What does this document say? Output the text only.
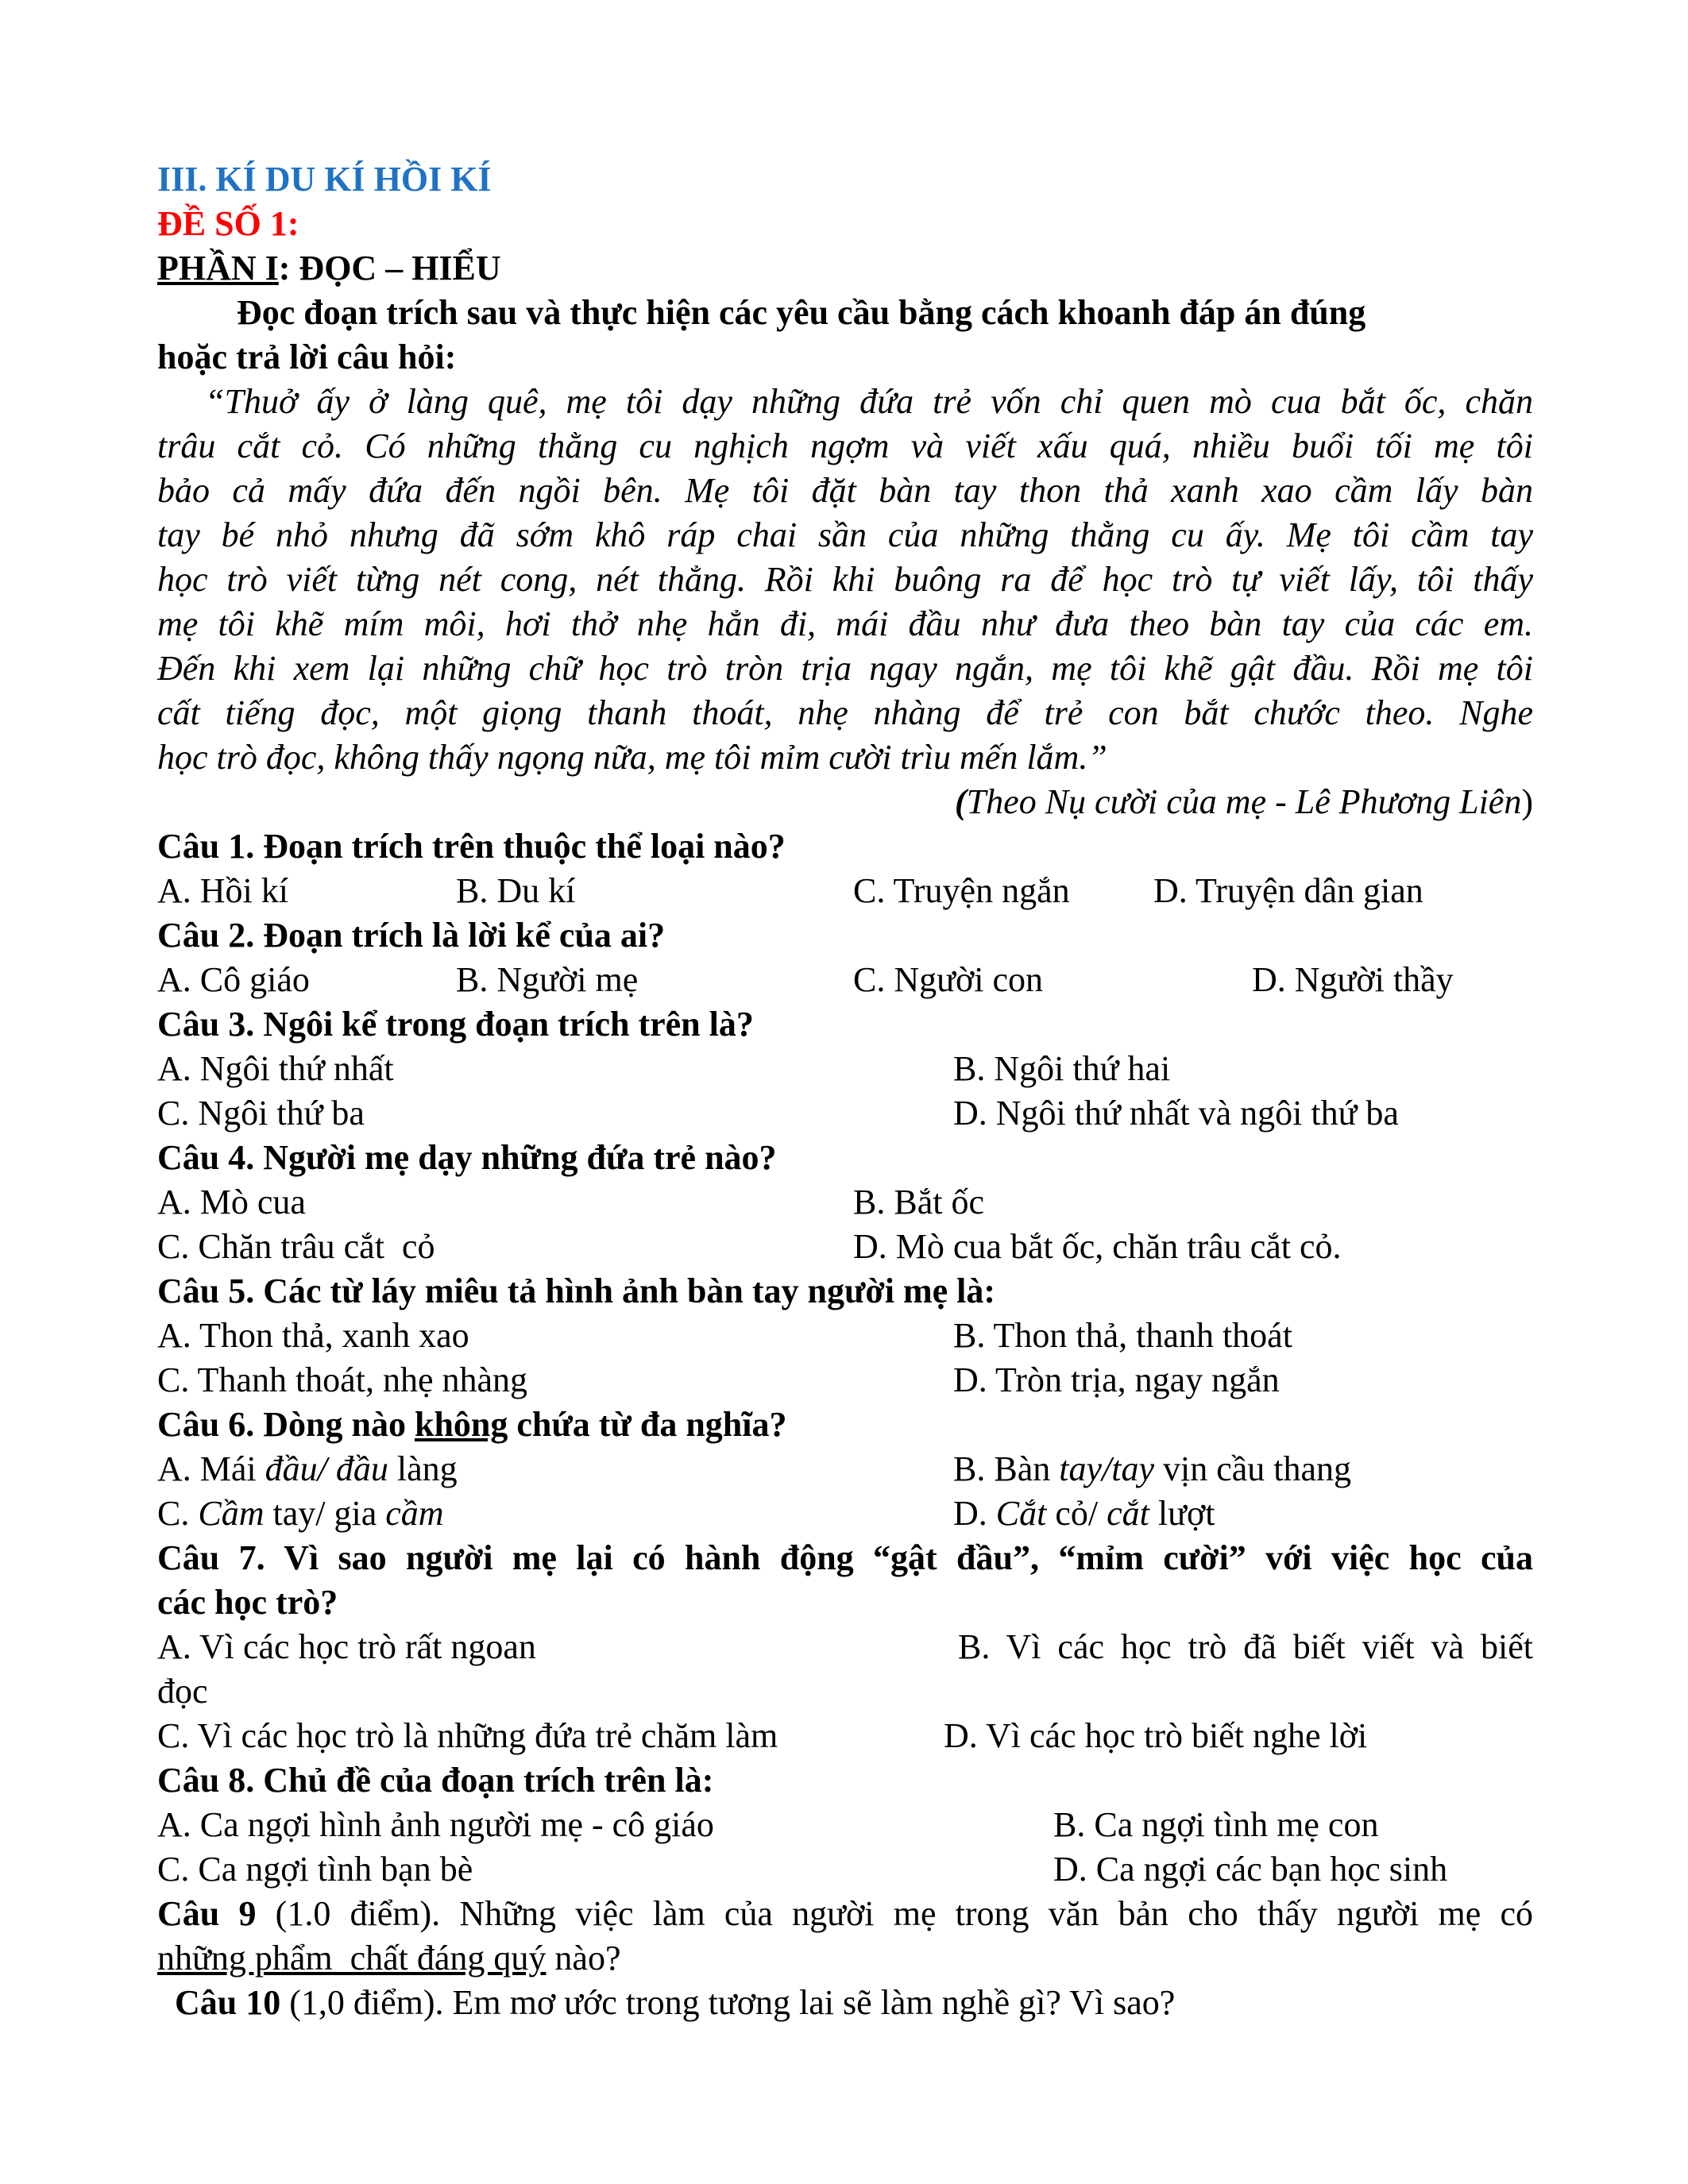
III. KÍ DU KÍ HỒI KÍ
ĐỀ SỐ 1:
PHẦN I: ĐỌC – HIỂU
Đọc đoạn trích sau và thực hiện các yêu cầu bằng cách khoanh đáp án đúng
hoặc trả lời câu hỏi:
“Thuở ấy ở làng quê, mẹ tôi dạy những đứa trẻ vốn chỉ quen mò cua bắt ốc, chăn
trâu cắt cỏ. Có những thằng cu nghịch ngợm và viết xấu quá, nhiều buổi tối mẹ tôi
bảo cả mấy đứa đến ngồi bên. Mẹ tôi đặt bàn tay thon thả xanh xao cầm lấy bàn
tay bé nhỏ nhưng đã sớm khô ráp chai sần của những thằng cu ấy. Mẹ tôi cầm tay
học trò viết từng nét cong, nét thẳng. Rồi khi buông ra để học trò tự viết lấy, tôi thấy
mẹ tôi khẽ mím môi, hơi thở nhẹ hẳn đi, mái đầu như đưa theo bàn tay của các em.
Đến khi xem lại những chữ học trò tròn trịa ngay ngắn, mẹ tôi khẽ gật đầu. Rồi mẹ tôi
cất tiếng đọc, một giọng thanh thoát, nhẹ nhàng để trẻ con bắt chước theo. Nghe
học trò đọc, không thấy ngọng nữa, mẹ tôi mỉm cười trìu mến lắm.”
(Theo Nụ cười của mẹ - Lê Phương Liên)
Câu 1. Đoạn trích trên thuộc thể loại nào?
A. Hồi kí	B. Du kí	C. Truyện ngắn D. Truyện dân gian
Câu 2. Đoạn trích là lời kể của ai?
A. Cô giáo	B. Người mẹ	C. Người con	D. Người thầy
Câu 3. Ngôi kể trong đoạn trích trên là?
A. Ngôi thứ nhất	B. Ngôi thứ hai
C. Ngôi thứ ba	D. Ngôi thứ nhất và ngôi thứ ba
Câu 4. Người mẹ dạy những đứa trẻ nào?
A. Mò cua	B. Bắt ốc
C. Chăn trâu cắt  cỏ	D. Mò cua bắt ốc, chăn trâu cắt cỏ.
Câu 5. Các từ láy miêu tả hình ảnh bàn tay người mẹ là:
A. Thon thả, xanh xao	B. Thon thả, thanh thoát
C. Thanh thoát, nhẹ nhàng	D. Tròn trịa, ngay ngắn
Câu 6. Dòng nào không chứa từ đa nghĩa?
A. Mái đầu/ đầu làng	B. Bàn tay/tay vịn cầu thang
C. Cầm tay/ gia cầm	D. Cắt cỏ/ cắt lượt
Câu 7. Vì sao người mẹ lại có hành động “gật đầu”, “mỉm cười” với việc học của
các học trò?
A. Vì các học trò rất ngoan	B. Vì các học trò đã biết viết và biết
đọc
C. Vì các học trò là những đứa trẻ chăm làm	D. Vì các học trò biết nghe lời
Câu 8. Chủ đề của đoạn trích trên là:
A. Ca ngợi hình ảnh người mẹ - cô giáo	B. Ca ngợi tình mẹ con
C. Ca ngợi tình bạn bè	D. Ca ngợi các bạn học sinh
Câu 9 (1.0 điểm). Những việc làm của người mẹ trong văn bản cho thấy người mẹ có
những phẩm  chất đáng quý nào?
Câu 10 (1,0 điểm). Em mơ ước trong tương lai sẽ làm nghề gì? Vì sao?
